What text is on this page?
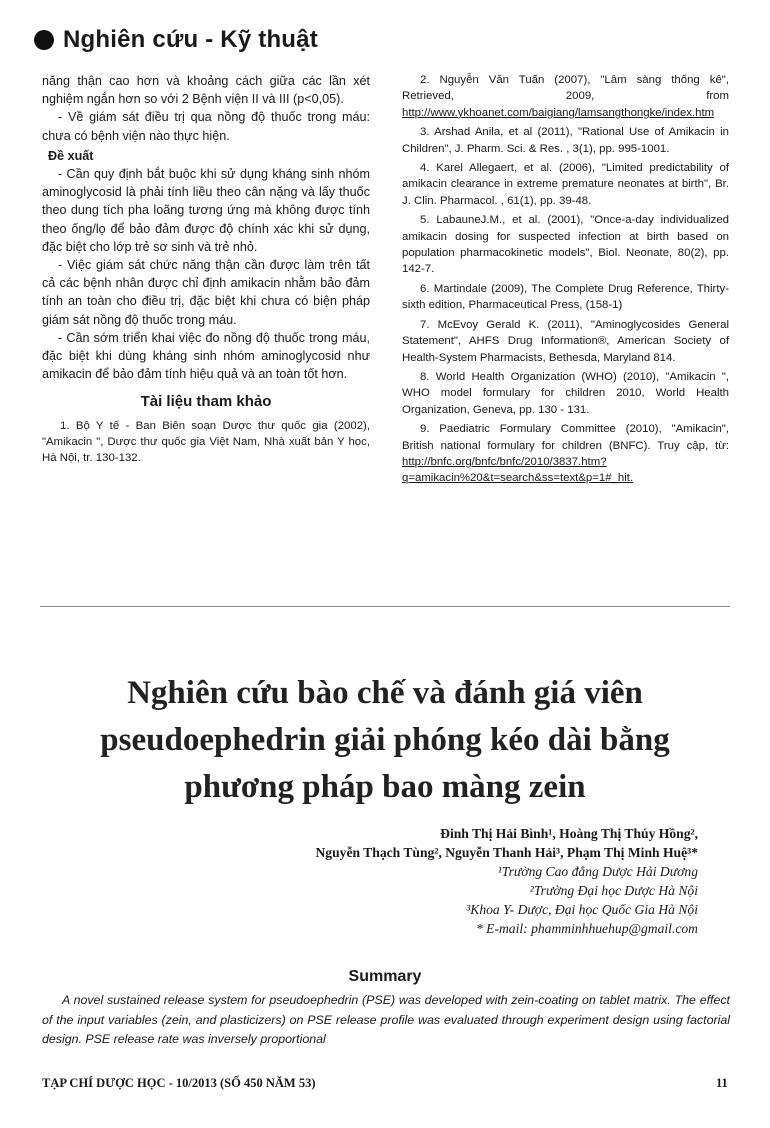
Nghiên cứu - Kỹ thuật

năng thận cao hơn và khoảng cách giữa các lần xét nghiệm ngắn hơn so với 2 Bệnh viện II và III (p<0,05).

- Về giám sát điều trị qua nồng độ thuốc trong máu: chưa có bệnh viện nào thực hiện.

Đề xuất

- Cần quy định bắt buộc khi sử dụng kháng sinh nhóm aminoglycosid là phải tính liều theo cân nặng và lấy thuốc theo dung tích pha loãng tương ứng mà không được tính theo ống/lọ để bảo đảm được độ chính xác khi sử dụng, đặc biệt cho lớp trẻ sơ sinh và trẻ nhỏ.

- Việc giám sát chức năng thận cần được làm trên tất cả các bệnh nhân được chỉ định amikacin nhằm bảo đảm tính an toàn cho điều trị, đặc biệt khi chưa có biện pháp giám sát nồng độ thuốc trong máu.

- Cần sớm triển khai việc đo nồng độ thuốc trong máu, đặc biệt khi dùng kháng sinh nhóm aminoglycosid như amikacin để bảo đảm tính hiệu quả và an toàn tốt hơn.

Tài liệu tham khảo
1. Bộ Y tế - Ban Biên soạn Dược thư quốc gia (2002), "Amikacin ", Dược thư quốc gia Việt Nam, Nhà xuất bản Y học, Hà Nội, tr. 130-132.

2. Nguyễn Văn Tuấn (2007), "Lâm sàng thống kê", Retrieved, 2009, from http://www.ykhoanet.com/baigiang/lamsangthongke/index.htm

3. Arshad Anila, et al (2011), "Rational Use of Amikacin in Children", J. Pharm. Sci. & Res. , 3(1), pp. 995-1001.

4. Karel Allegaert, et al. (2006), "Limited predictability of amikacin clearance in extreme premature neonates at birth", Br. J. Clin. Pharmacol. , 61(1), pp. 39-48.

5. LabauneJ.M., et al. (2001), "Once-a-day individualized amikacin dosing for suspected infection at birth based on population pharmacokinetic models", Biol. Neonate, 80(2), pp. 142-7.

6. Martindale (2009), The Complete Drug Reference, Thirty-sixth edition, Pharmaceutical Press, (158-1)

7. McEvoy Gerald K. (2011), "Aminoglycosides General Statement", AHFS Drug Information®, American Society of Health-System Pharmacists, Bethesda, Maryland 814.

8. World Health Organization (WHO) (2010), "Amikacin ", WHO model formulary for children 2010, World Health Organization, Geneva, pp. 130 - 131.

9. Paediatric Formulary Committee (2010), "Amikacin", British national formulary for children (BNFC). Truy cập, từ: http://bnfc.org/bnfc/bnfc/2010/3837.htm?q=amikacin%20&t=search&ss=text&p=1#_hit.

Nghiên cứu bào chế và đánh giá viên
pseudoephedrin giải phóng kéo dài bằng
phương pháp bao màng zein
Đinh Thị Hải Bình¹, Hoàng Thị Thúy Hồng²,
Nguyễn Thạch Tùng², Nguyễn Thanh Hải³, Phạm Thị Minh Huệ³*
¹Trường Cao đẳng Dược Hải Dương
²Trường Đại học Dược Hà Nội
³Khoa Y- Dược, Đại học Quốc Gia Hà Nội
* E-mail: phamminhhuehup@gmail.com
Summary
A novel sustained release system for pseudoephedrin (PSE) was developed with zein-coating on tablet matrix. The effect of the input variables (zein, and plasticizers) on PSE release profile was evaluated through experiment design using factorial design. PSE release rate was inversely proportional
TẠP CHÍ DƯỢC HỌC - 10/2013 (SỐ 450 NĂM 53)	11
